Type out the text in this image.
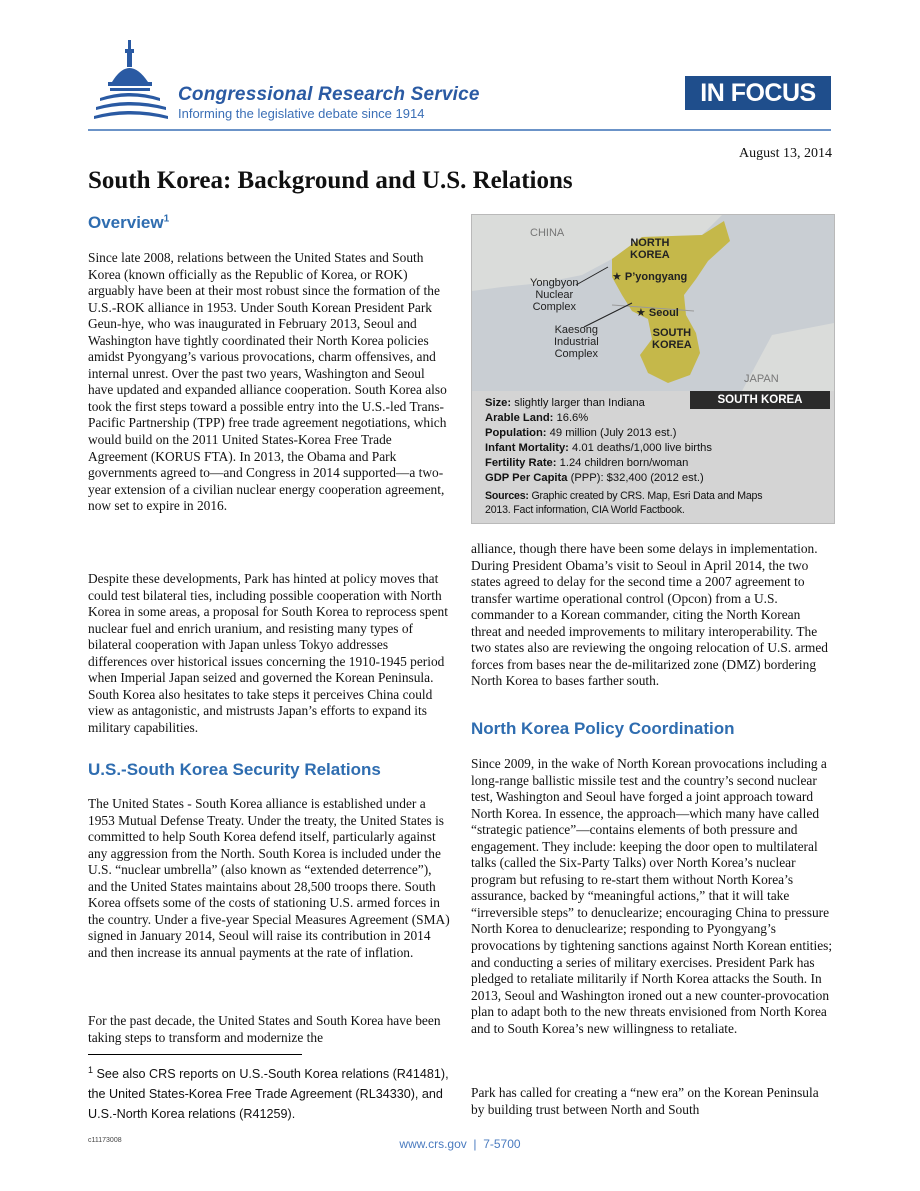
Congressional Research Service
Informing the legislative debate since 1914
IN FOCUS
August 13, 2014
South Korea: Background and U.S. Relations
Overview$^1$

Since late 2008, relations between the United States and South Korea (known officially as the Republic of Korea, or ROK) arguably have been at their most robust since the formation of the U.S.-ROK alliance in 1953. Under South Korean President Park Geun-hye, who was inaugurated in February 2013, Seoul and Washington have tightly coordinated their North Korea policies amidst Pyongyang’s various provocations, charm offensives, and internal unrest. Over the past two years, Washington and Seoul have updated and expanded alliance cooperation. South Korea also took the first steps toward a possible entry into the U.S.-led Trans-Pacific Partnership (TPP) free trade agreement negotiations, which would build on the 2011 United States-Korea Free Trade Agreement (KORUS FTA). In 2013, the Obama and Park governments agreed to—and Congress in 2014 supported—a two-year extension of a civilian nuclear energy cooperation agreement, now set to expire in 2016.

Despite these developments, Park has hinted at policy moves that could test bilateral ties, including possible cooperation with North Korea in some areas, a proposal for South Korea to reprocess spent nuclear fuel and enrich uranium, and resisting many types of bilateral cooperation with Japan unless Tokyo addresses differences over historical issues concerning the 1910-1945 period when Imperial Japan seized and governed the Korean Peninsula. South Korea also hesitates to take steps it perceives China could view as antagonistic, and mistrusts Japan’s efforts to expand its military capabilities.

U.S.-South Korea Security Relations

The United States - South Korea alliance is established under a 1953 Mutual Defense Treaty. Under the treaty, the United States is committed to help South Korea defend itself, particularly against any aggression from the North. South Korea is included under the U.S. “nuclear umbrella” (also known as “extended deterrence”), and the United States maintains about 28,500 troops there. South Korea offsets some of the costs of stationing U.S. armed forces in the country. Under a five-year Special Measures Agreement (SMA) signed in January 2014, Seoul will raise its contribution in 2014 and then increase its annual payments at the rate of inflation.

For the past decade, the United States and South Korea have been taking steps to transform and modernize the

$^1$ See also CRS reports on U.S.-South Korea relations (R41481), the United States-Korea Free Trade Agreement (RL34330), and U.S.-North Korea relations (R41259).
CHINA
NORTH
KOREA
★ P’yongyang
Yongbyon
Nuclear
Complex	★ Seoul
Kaesong
Industrial
Complex
SOUTH
KOREA
JAPAN
SOUTH KOREA
Size: slightly larger than Indiana
Arable Land: 16.6%
Population: 49 million (July 2013 est.)
Infant Mortality: 4.01 deaths/1,000 live births
Fertility Rate: 1.24 children born/woman
GDP Per Capita (PPP): $32,400 (2012 est.)
Sources: Graphic created by CRS. Map, Esri Data and Maps
2013. Fact information, CIA World Factbook.

alliance, though there have been some delays in implementation. During President Obama’s visit to Seoul in April 2014, the two states agreed to delay for the second time a 2007 agreement to transfer wartime operational control (Opcon) from a U.S. commander to a Korean commander, citing the North Korean threat and needed improvements to military interoperability. The two states also are reviewing the ongoing relocation of U.S. armed forces from bases near the de-militarized zone (DMZ) bordering North Korea to bases farther south.

North Korea Policy Coordination

Since 2009, in the wake of North Korean provocations including a long-range ballistic missile test and the country’s second nuclear test, Washington and Seoul have forged a joint approach toward North Korea. In essence, the approach—which many have called “strategic patience”—contains elements of both pressure and engagement. They include: keeping the door open to multilateral talks (called the Six-Party Talks) over North Korea’s nuclear program but refusing to re-start them without North Korea’s assurance, backed by “meaningful actions,” that it will take “irreversible steps” to denuclearize; encouraging China to pressure North Korea to denuclearize; responding to Pyongyang’s provocations by tightening sanctions against North Korean entities; and conducting a series of military exercises. President Park has pledged to retaliate militarily if North Korea attacks the South. In 2013, Seoul and Washington ironed out a new counter-provocation plan to adapt both to the new threats envisioned from North Korea and to South Korea’s new willingness to retaliate.

Park has called for creating a “new era” on the Korean Peninsula by building trust between North and South

c11173008	www.crs.gov  |  7-5700
